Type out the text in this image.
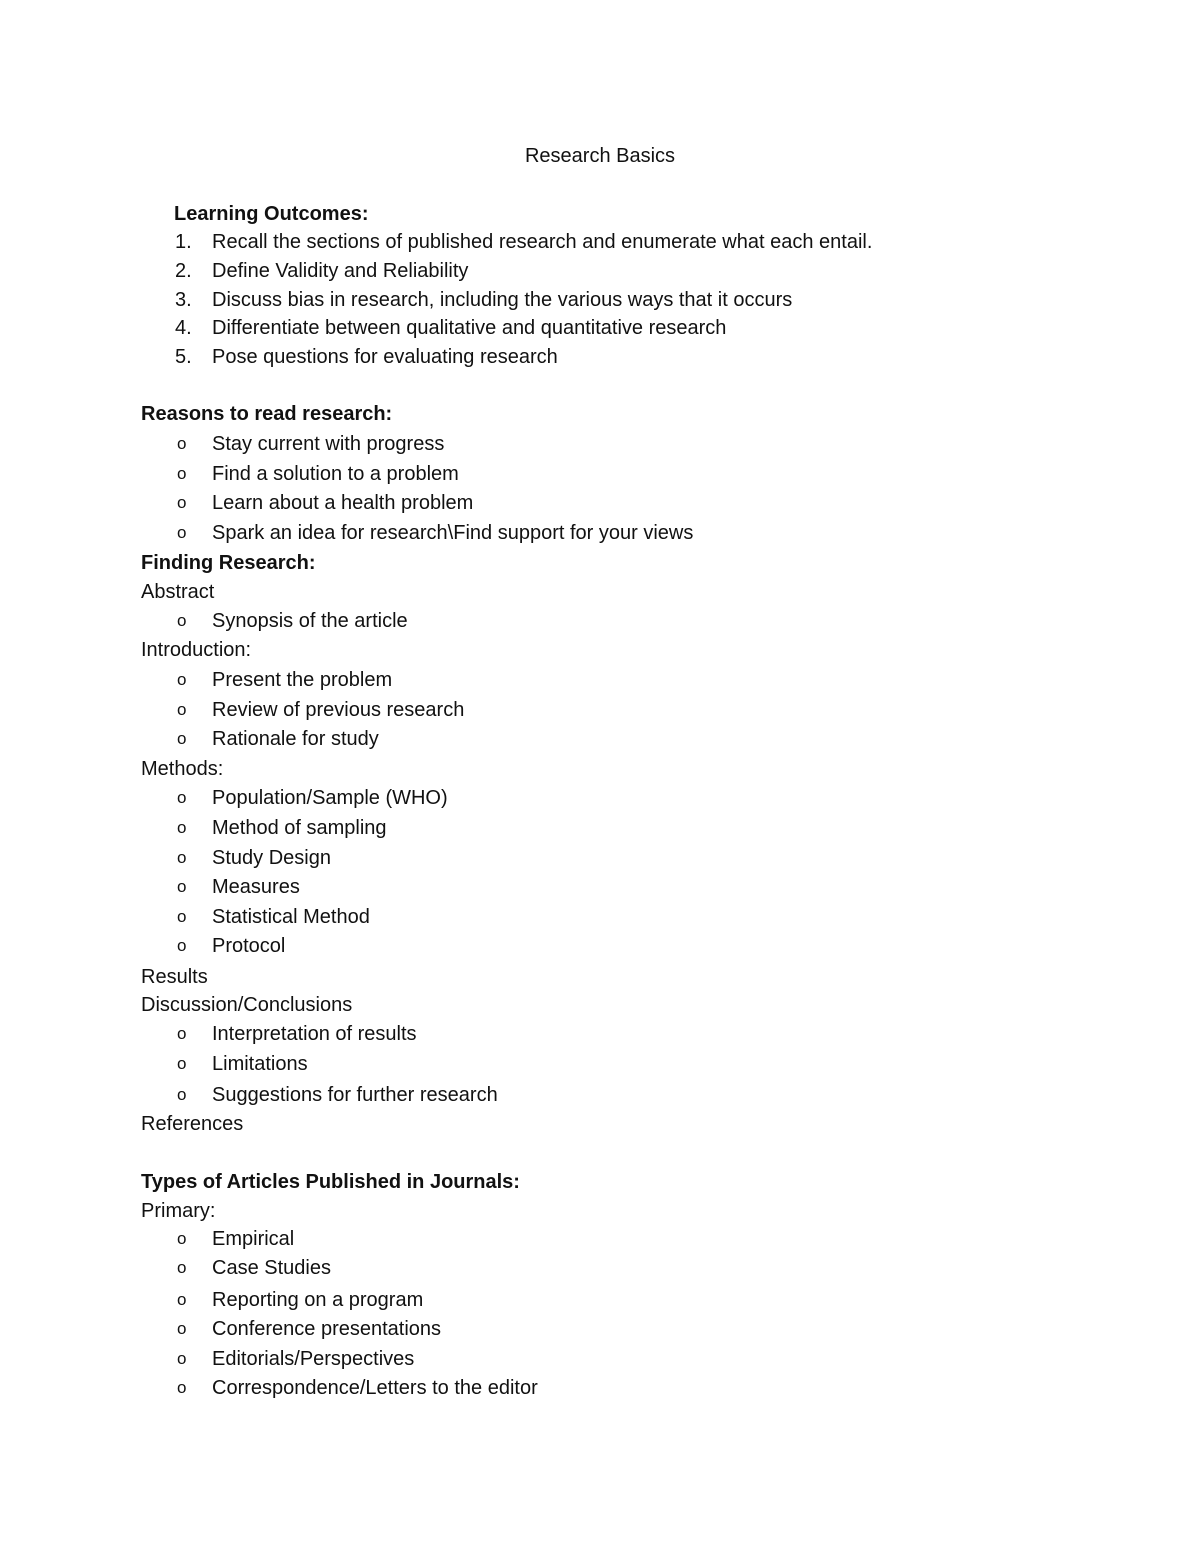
Research Basics
Learning Outcomes:
1. Recall the sections of published research and enumerate what each entail.
2. Define Validity and Reliability
3. Discuss bias in research, including the various ways that it occurs
4. Differentiate between qualitative and quantitative research
5. Pose questions for evaluating research
Reasons to read research:
o Stay current with progress
o Find a solution to a problem
o Learn about a health problem
o Spark an idea for research\Find support for your views
Finding Research:
Abstract
o Synopsis of the article
Introduction:
o Present the problem
o Review of previous research
o Rationale for study
Methods:
o Population/Sample (WHO)
o Method of sampling
o Study Design
o Measures
o Statistical Method
o Protocol
Results
Discussion/Conclusions
o Interpretation of results
o Limitations
o Suggestions for further research
References
Types of Articles Published in Journals:
Primary:
o Empirical
o Case Studies
o Reporting on a program
o Conference presentations
o Editorials/Perspectives
o Correspondence/Letters to the editor
